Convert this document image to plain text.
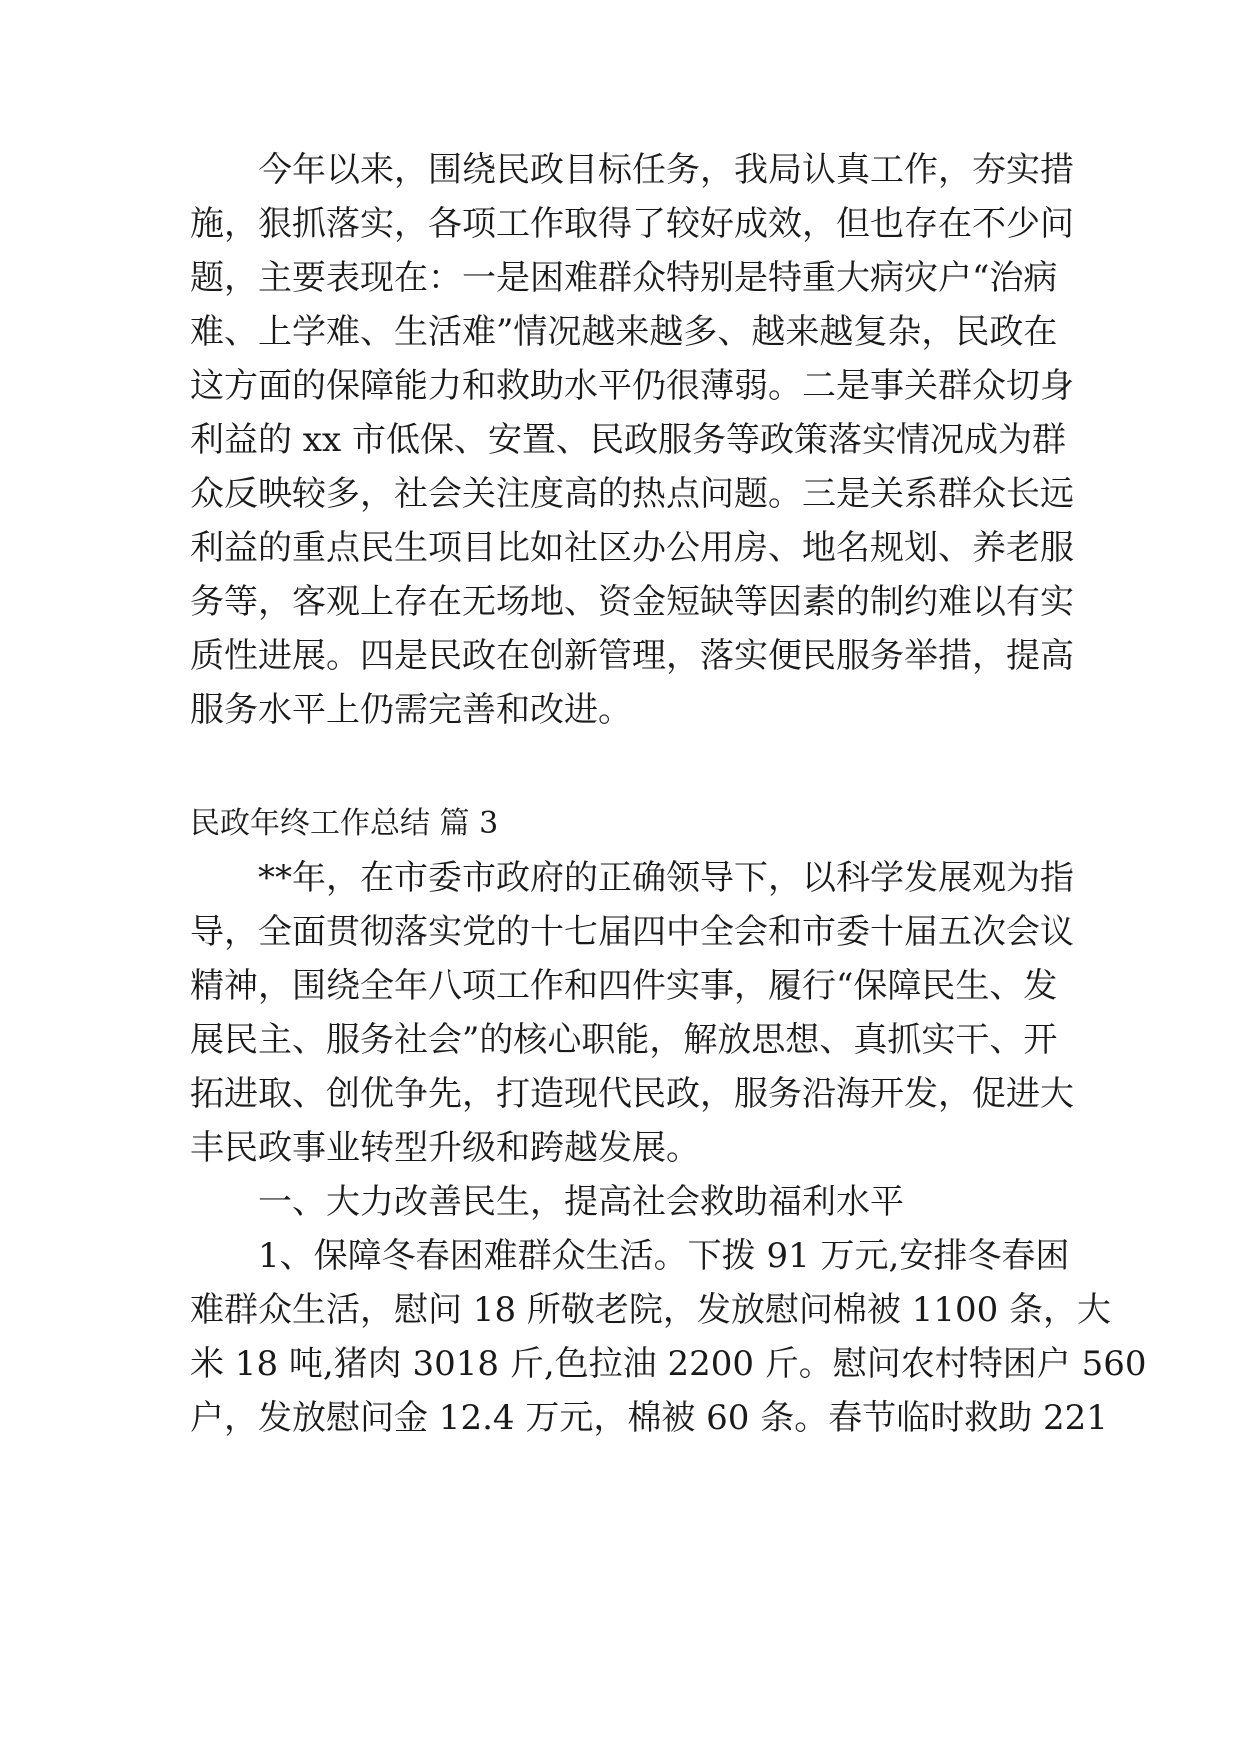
今年以来，围绕民政目标任务，我局认真工作，夯实措
施，狠抓落实，各项工作取得了较好成效，但也存在不少问
题，主要表现在：一是困难群众特别是特重大病灾户“治病
难、上学难、生活难”情况越来越多、越来越复杂，民政在
这方面的保障能力和救助水平仍很薄弱。二是事关群众切身
利益的 xx 市低保、安置、民政服务等政策落实情况成为群
众反映较多，社会关注度高的热点问题。三是关系群众长远
利益的重点民生项目比如社区办公用房、地名规划、养老服
务等，客观上存在无场地、资金短缺等因素的制约难以有实
质性进展。四是民政在创新管理，落实便民服务举措，提高
服务水平上仍需完善和改进。
民政年终工作总结 篇 3
**年，在市委市政府的正确领导下，以科学发展观为指
导，全面贯彻落实党的十七届四中全会和市委十届五次会议
精神，围绕全年八项工作和四件实事，履行“保障民生、发
展民主、服务社会”的核心职能，解放思想、真抓实干、开
拓进取、创优争先，打造现代民政，服务沿海开发，促进大
丰民政事业转型升级和跨越发展。
一、大力改善民生，提高社会救助福利水平
1、保障冬春困难群众生活。下拨 91 万元,安排冬春困
难群众生活，慰问 18 所敬老院，发放慰问棉被 1100 条，大
米 18 吨,猪肉 3018 斤,色拉油 2200 斤。慰问农村特困户 560
户，发放慰问金 12.4 万元，棉被 60 条。春节临时救助 221
